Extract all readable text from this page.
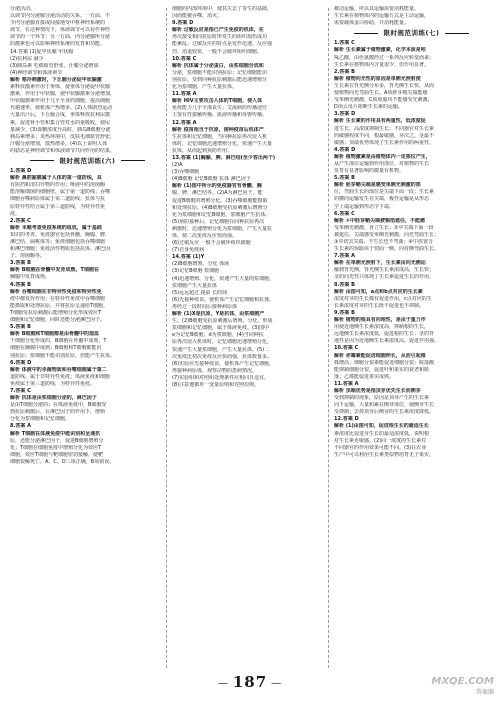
分泌活动。
以调节内分泌腺分泌活动的关系。一方面，不
少内分泌腺直接或间接地受中枢神经系统的
调节，在这种情况下，体液调节可以看作神经
调节的一个环节；另一方面，内分泌腺所分泌
的激素也可以影响神经系统的发育和功能。
14.答案 (1)促甲状腺 甲状腺
(2)抗利尿 减少
(3)胰岛素 毛细血管舒张，汗腺分泌增加
(4)神经调节和体液调节
解析 寒冷刺激时，下丘脑分泌促甲状腺激
素释放激素作用于垂体，使垂体分泌促甲状腺
激素，作用于甲状腺，使甲状腺激素分泌增加，
甲状腺激素作用于几乎全身的细胞，提高细胞
代谢速率，使机体产热增多。(2)人体剧烈运动
大量出汗后，下丘脑合成，垂体释放抗利尿激
素，促进肾小管和集合管对水的重吸收，使尿
量减少。(3)血糖浓度升高时，胰岛B细胞分泌
胰岛素增多；炎热环境中，皮肤毛细血管舒张，
汗腺分泌增加，散热增多。(4)以上说明人体
的稳态是神经调节和体液调节共同作用的结果。
限时规范训练(六)
1.答案 D
解析 鼻腔黏膜属于人体的第一道防线，具
有阻挡和清扫异物的作用；唾液中的溶菌酶
能溶解细菌的细胞壁，属于第一道防线；吞噬
细胞吞噬病原体属于第二道防线；抗体与抗
原特异性结合属于第三道防线，为特异性免
疫。
2.答案 C
解析 本题考查免疫系统的组成，属于基础
知识的考查。免疫器官包括骨髓、胸腺、脾、
淋巴结、扁桃体等；免疫细胞包括吞噬细胞
和淋巴细胞；免疫活性物质包括抗体、淋巴因
子、溶菌酶等。
3.答案 B
解析 B细胞在骨髓中发育成熟，T细胞在
胸腺中发育成熟。
4.答案 B
解析 吞噬细胞在非特异性免疫和特异性免
疫中都发挥作用；在特异性免疫中吞噬细胞
能摄取和处理抗原，并将抗原呈递给T细胞。
T细胞受抗原刺激后能增殖分化形成效应T
细胞和记忆细胞，同时还能分泌淋巴因子。
5.答案 B
解析 B细胞和T细胞都是由骨髓中的造血
干细胞分化形成的，B细胞在骨髓中成熟，T
细胞在胸腺中成熟；B细胞和T细胞都能识
别抗原；浆细胞不能识别抗原，但能产生抗体。
6.答案 D
解析 体液中的杀菌物质和吞噬细胞属于第二
道防线，属于非特异性免疫；体液免疫和细胞
免疫属于第三道防线，为特异性免疫。
7.答案 C
解析 抗体是由浆细胞分泌的，淋巴因子
是由T细胞分泌的；在体液免疫中，B细胞受
到抗原刺激后，在淋巴因子的作用下，增殖
分化为浆细胞和记忆细胞。
8.答案 A
解析 T细胞在体液免疫中能识别和呈递抗
原，还能分泌淋巴因子，促进B细胞增殖分
化；T细胞在细胞免疫中增殖分化为效应T
细胞，效应T细胞与靶细胞密切接触，使靶
细胞裂解死亡。A、C、D三项正确，B项错误。
细胞的内部环境中，使其失去了寄生的基础，
因而能被吞噬、消灭。
9.答案 D
解析 过敏反应是指已产生免疫的机体，在
再次接受相同抗原时所发生的组织损伤或功
能紊乱；过敏反应的特点是发作迅速、反应强
烈、消退较快，一般不会破坏组织细胞。
10.答案 C
解析 抗体属于分泌蛋白，由浆细胞合成和
分泌，浆细胞不能识别抗原；记忆细胞能识
别抗原，受到同种抗原刺激后能迅速增殖分
化为浆细胞，产生大量抗体。
11.答案 A
解析 HIV主要攻击人体的T细胞，使人体
免疫能力几乎全部丧失；艾滋病的传播途径
主要有性接触传播、血液传播和母婴传播。
12.答案 A
解析 疫苗相当于抗原，接种疫苗后机体产
生抗体和记忆细胞，当同种抗原再次侵入机
体时，记忆细胞迅速增殖分化，快速产生大量
抗体，从而起到预防作用。
13.答案 (1)胸腺、脾、淋巴结(至少答出两个)
(2)A
(3)吞噬细胞
(4)B细胞 记忆B细胞 抗体 淋巴因子
解析 (1)图中所示的免疫器官有骨髓、胸
腺、脾、淋巴结等。(2)A为淋巴因子，能
促进B细胞的增殖分化。(3)吞噬细胞能摄取
和处理抗原。(4)B细胞受抗原刺激后增殖分
化为浆细胞和记忆B细胞，浆细胞产生抗体。
(5)预防接种后，记忆细胞在同种抗原再次
刺激时，迅速增殖分化为浆细胞，产生大量抗
体，使二次免疫反应快而强。
(6)过敏反应 一般不会破坏组织细胞
(7)自身免疫病
14.答案 (1)Y
(2)B细胞增殖、分化 体液
(3)记忆B细胞 浆细胞
(4)迅速增殖、分化，快速产生大量的浆细胞，
浆细胞产生大量抗体
(5)远远超过 提前 长时间
(6)先接种疫苗，使机体产生记忆细胞和抗体，
再经过一段时间后接种病原体
解析 (1)X是抗原，Y是抗体，由浆细胞产
生。(2)B细胞受抗原刺激后增殖、分化，形成
浆细胞和记忆细胞，属于体液免疫。(3)图中
e为记忆B细胞，d为浆细胞。(4)当同种抗
原再次侵入机体时，记忆细胞迅速增殖分化，
快速产生大量浆细胞，产生大量抗体。(5)二
次免疫比初次免疫反应快而强，抗体数量多。
(6)实验应先接种疫苗，使机体产生记忆细胞，
再接种病原体，观察动物的患病情况。
(7)实验组和对照组处理条件应相同且适宜。
(8)注意遵循单一变量原则和对照原则。
被动运输，所以其运输需要消耗能量。
生长素在植物体内的运输方式是主动运输，
需要载体蛋白协助，并消耗能量。
限时规范训练(七)
1.答案 C
解析 生长素属于植物激素，化学本质是吲
哚乙酸，由色氨酸经过一系列反应转变而来；
生长素在植物体内含量很少，但作用显著。
2.答案 B
解析 植物向光性的原因是单侧光照射使
生长素在背光侧分布多，背光侧生长快，从而
使植物向光弯曲生长。A项胚芽鞘尖端能感
受单侧光刺激，C项琼脂块不能感受光刺激，
D项云母片阻断生长素的运输。
3.答案 D
解析 生长素的作用具有两重性，低浓度促
进生长，高浓度抑制生长；不同器官对生长素
的敏感程度不同，根最敏感，芽次之，茎最不
敏感；顶端优势体现了生长素作用的两重性。
4.答案 D
解析 植物激素是由植物体内一定部位产生，
从产生部位运输到作用部位，对植物的生长
发育有显著影响的微量有机物。
5.答案 B
解析 胚芽鞘尖端是感受单侧光刺激的部
位，弯曲生长的部位是尖端下面一段；生长素
的横向运输发生在尖端，极性运输是从形态
学上端运输到形态学下端。
6.答案 C
解析 ①中胚芽鞘尖端被锡箔遮住，不能感
受单侧光刺激，直立生长；②中尖端下面一段
被遮住，尖端感受单侧光刺激，向光弯曲生长；
③中切去尖端，不生长也不弯曲；④中放置含
生长素的琼脂块于切面一侧，向对侧弯曲生长。
7.答案 A
解析 在单侧光照射下，生长素由向光侧运
输到背光侧，背光侧生长素浓度高，生长快；
茎的向光性只体现了生长素促进生长的作用。
8.答案 B
解析 由图可知，a点和b点对应的生长素
浓度对芽的生长都有促进作用，c点对应的生
长素浓度对芽的生长既不促进也不抑制。
9.答案 B
解析 植物的根具有向地性，是由于重力作
用使近地侧生长素浓度高，抑制根的生长，
远地侧生长素浓度低，促进根的生长；茎的背
地性是因为近地侧生长素浓度高，促进作用强。
10.答案 C
解析 赤霉素能促进细胞伸长，从而引起植
株增高；细胞分裂素能促进细胞分裂；脱落酸
能抑制细胞分裂，促进叶和果实的衰老和脱
落；乙烯能促进果实成熟。
11.答案 A
解析 顶端优势是指顶芽优先生长而侧芽
受到抑制的现象，原因是顶芽产生的生长素
向下运输，大量积累在侧芽部位，使侧芽生长
受抑制；去掉顶芽后侧芽的生长素浓度降低。
12.答案 D
解析 (1)由图可知，促进根生长的最适生长
素浓度比促进芽生长的最适浓度低，说明根
对生长素更敏感。(2)同一浓度的生长素对
不同器官的作用效果可能不同。(3)在农业
生产中可以利用生长素类似物培育无子果实。
— 187 —	MXQE.COM
答案圈
